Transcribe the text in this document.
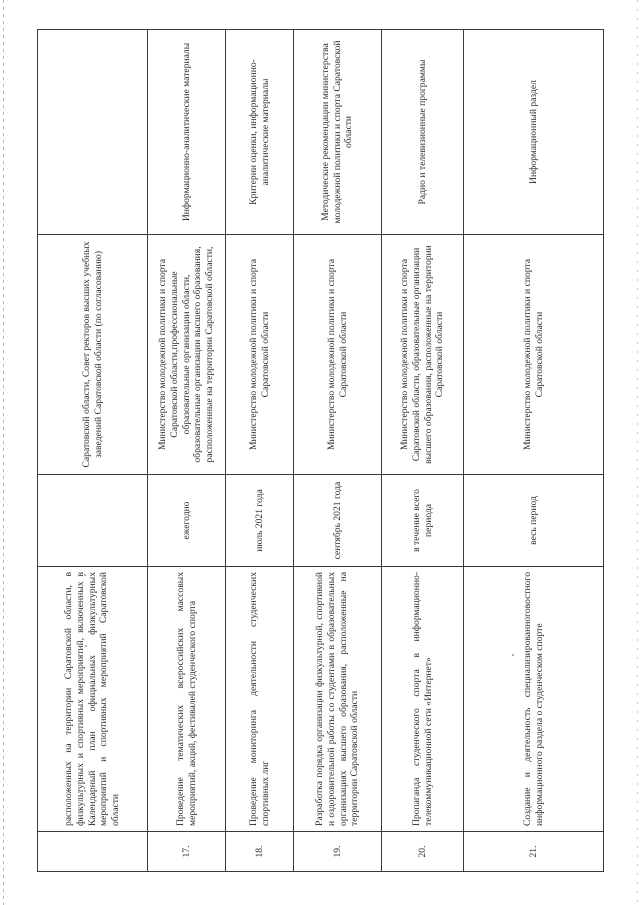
	расположенных на территории Саратовской области, в физкультурных и спортивных мероприятий, включенных в Календарный план официальных физкультурных мероприятий и спортивных мероприятий Саратовской области		Саратовской области, Совет ректоров высших учебных заведений Саратовской области (по согласованию)	
17.	Проведение тематических всероссийских массовых мероприятий, акций, фестивалей студенческого спорта	ежегодно	Министерство молодежной политики и спорта Саратовской области,профессиональные образовательные организации области, образовательные организации высшего образования, расположенные на территории Саратовской области,	Информационно-аналитические материалы
18.	Проведение мониторинга деятельности студенческих спортивных лиг	июль 2021 года	Министерство молодежной политики и спорта Саратовской области	Критерии оценки, информационно-аналитические материалы
19.	Разработка порядка организации физкультурной, спортивной и оздоровительной работы со студентами в образовательных организациях высшего образования, расположенные на территории Саратовской области	сентябрь 2021 года	Министерство молодежной политики и спорта Саратовской области	Методические рекомендации министерства молодежной политики и спорта Саратовской области
20.	Пропаганда студенческого спорта в информационно-телекоммуникационной сети «Интернет»	в течение всего периода	Министерство молодежной политики и спорта Саратовской области, образовательные организации высшего образования, расположенные на территории Саратовской области	Радио и телевизионные программы
21.	Создание и деятельность специализированноговостного информационного раздела о студенческом спорте	весь период	Министерство молодежной политики и спорта Саратовской области	Информационный раздел
